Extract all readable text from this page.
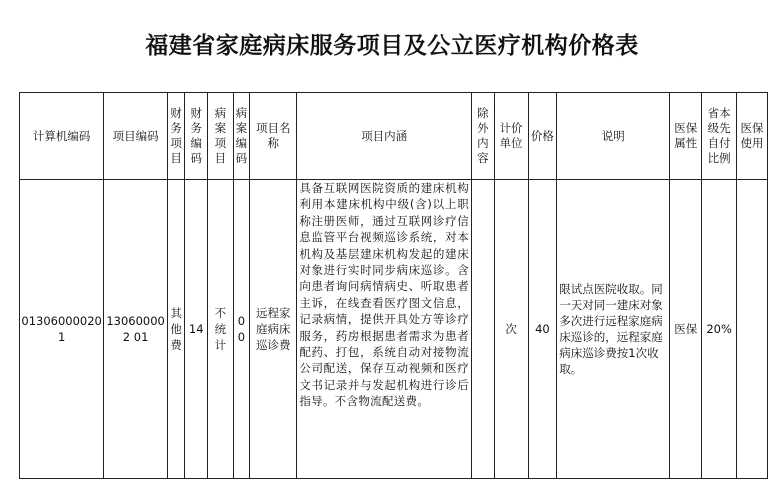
福建省家庭病床服务项目及公立医疗机构价格表
计算机编码	项目编码	财务项目	财务编码	病案项目	病案编码	项目名称	项目内涵	除外内容	计价单位	价格	说明	医保属性	省本级先自付比例	医保使用
013060000201	130600002 01	其他费	14	不统计	00	远程家庭病床巡诊费	具备互联网医院资质的建床机构利用本建床机构中级(含)以上职称注册医师，通过互联网诊疗信息监管平台视频巡诊系统，对本机构及基层建床机构发起的建床对象进行实时同步病床巡诊。含向患者询问病情病史、听取患者主诉，在线查看医疗图文信息，记录病情，提供开具处方等诊疗服务，药房根据患者需求为患者配药、打包，系统自动对接物流公司配送，保存互动视频和医疗文书记录并与发起机构进行诊后指导。不含物流配送费。		次	40	限试点医院收取。同一天对同一建床对象多次进行远程家庭病床巡诊的，远程家庭病床巡诊费按1次收取。	医保	20%	
